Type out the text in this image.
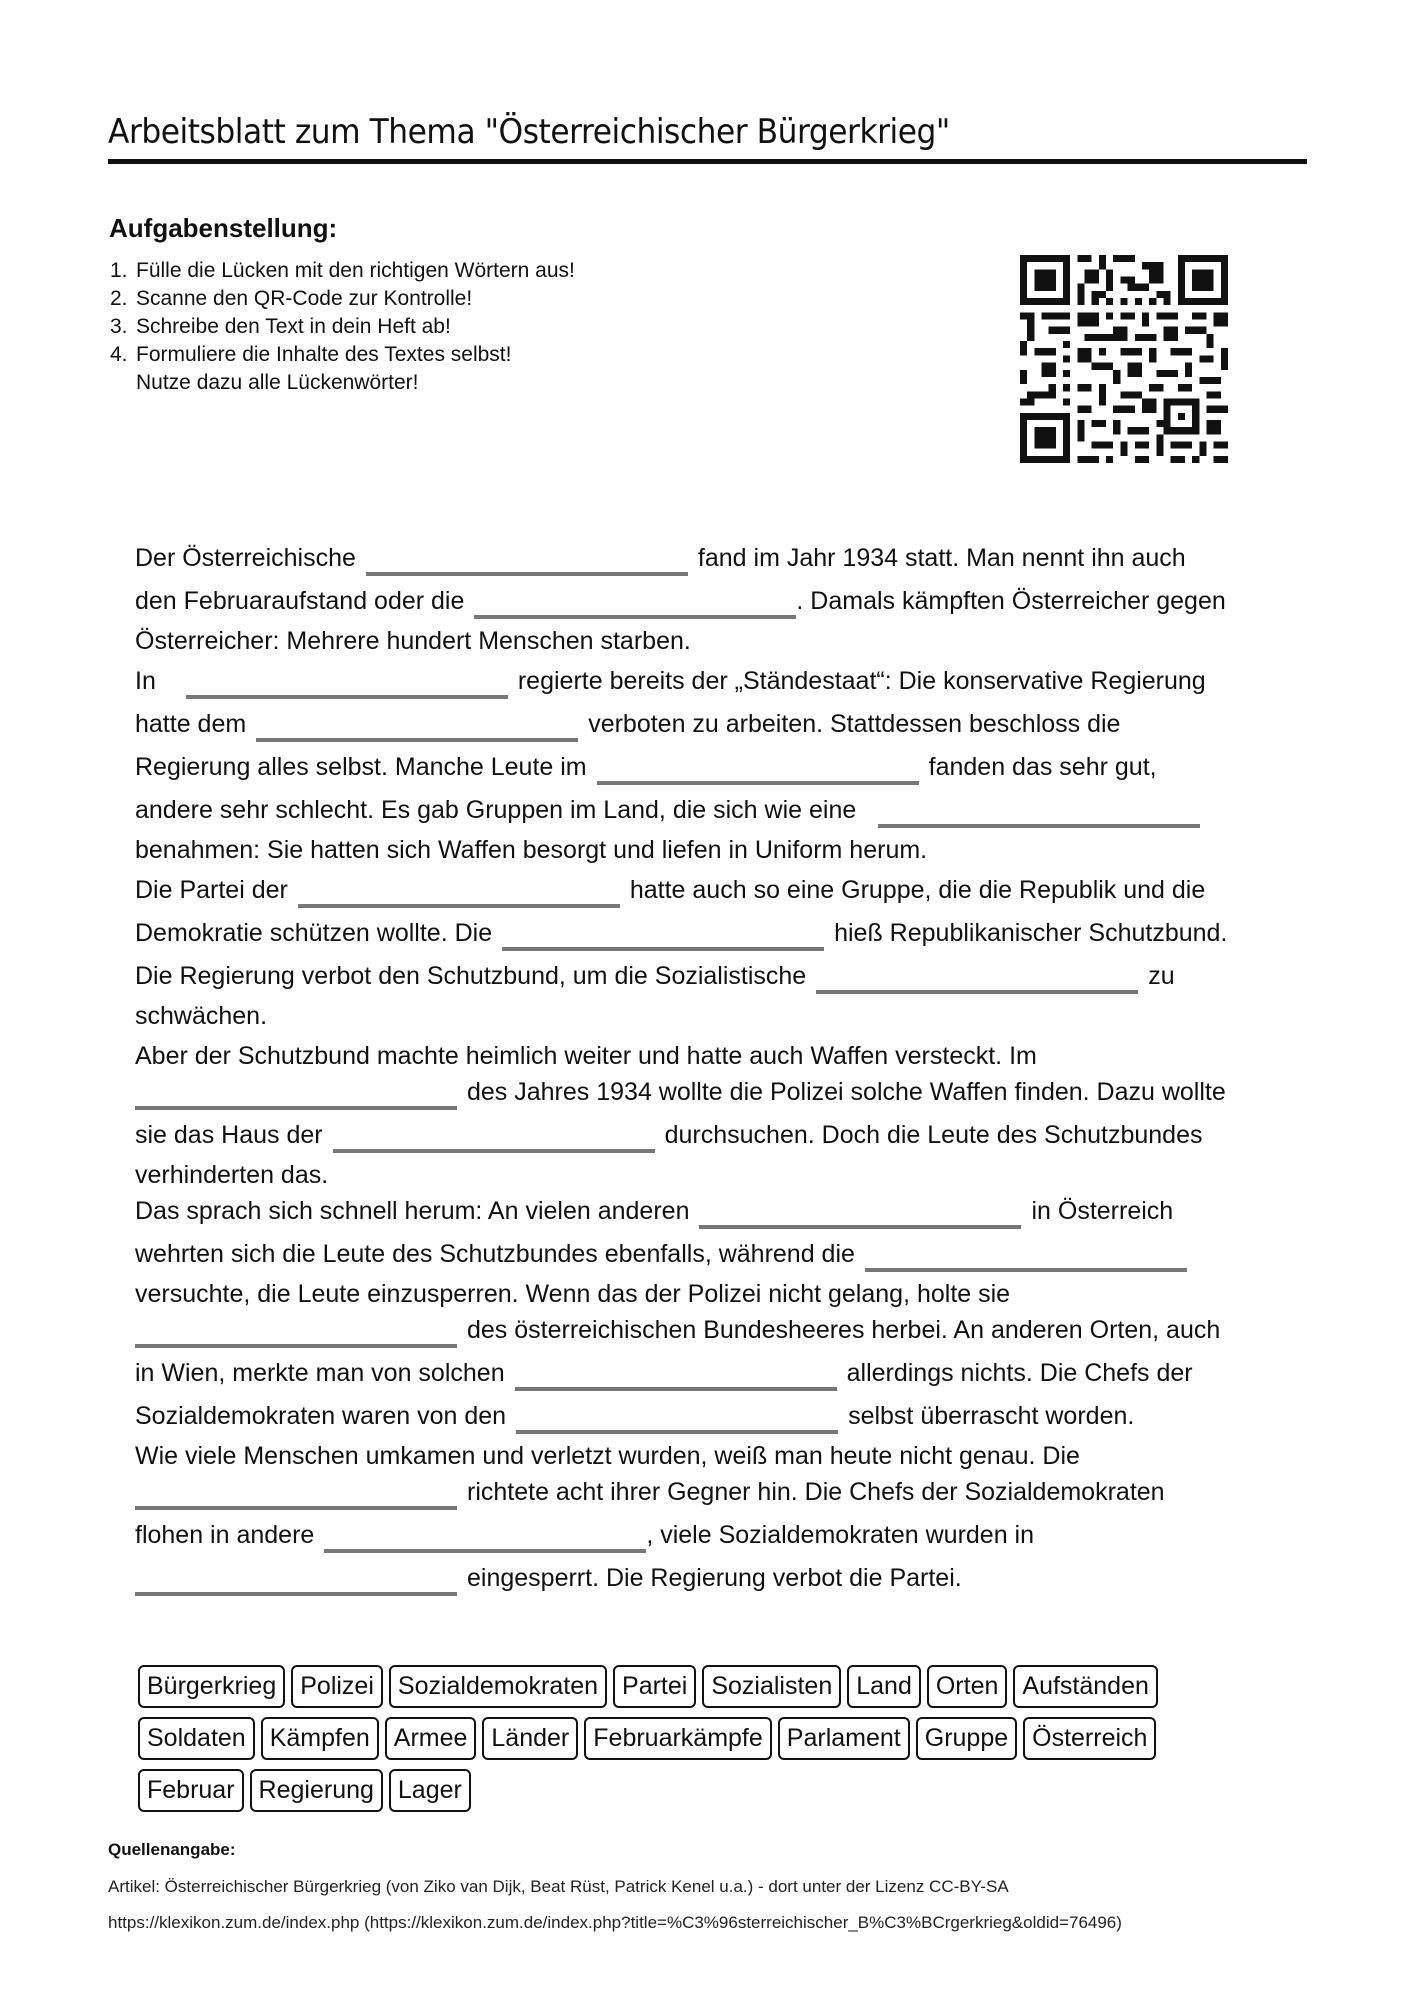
Arbeitsblatt zum Thema "Österreichischer Bürgerkrieg"
Aufgabenstellung:
1. Fülle die Lücken mit den richtigen Wörtern aus!
2. Scanne den QR-Code zur Kontrolle!
3. Schreibe den Text in dein Heft ab!
4. Formuliere die Inhalte des Textes selbst!
Nutze dazu alle Lückenwörter!
Der Österreichische	fand im Jahr 1934 statt. Man nennt ihn auch
den Februaraufstand oder die	. Damals kämpften Österreicher gegen
Österreicher: Mehrere hundert Menschen starben.
In	regierte bereits der „Ständestaat“: Die konservative Regierung
hatte dem	verboten zu arbeiten. Stattdessen beschloss die
Regierung alles selbst. Manche Leute im	fanden das sehr gut,
andere sehr schlecht. Es gab Gruppen im Land, die sich wie eine
benahmen: Sie hatten sich Waffen besorgt und liefen in Uniform herum.
Die Partei der	hatte auch so eine Gruppe, die die Republik und die
Demokratie schützen wollte. Die	hieß Republikanischer Schutzbund.
Die Regierung verbot den Schutzbund, um die Sozialistische	zu
schwächen.
Aber der Schutzbund machte heimlich weiter und hatte auch Waffen versteckt. Im
des Jahres 1934 wollte die Polizei solche Waffen finden. Dazu wollte
sie das Haus der	durchsuchen. Doch die Leute des Schutzbundes
verhinderten das.
Das sprach sich schnell herum: An vielen anderen	in Österreich
wehrten sich die Leute des Schutzbundes ebenfalls, während die
versuchte, die Leute einzusperren. Wenn das der Polizei nicht gelang, holte sie
des österreichischen Bundesheeres herbei. An anderen Orten, auch
in Wien, merkte man von solchen	allerdings nichts. Die Chefs der
Sozialdemokraten waren von den	selbst überrascht worden.
Wie viele Menschen umkamen und verletzt wurden, weiß man heute nicht genau. Die
richtete acht ihrer Gegner hin. Die Chefs der Sozialdemokraten
flohen in andere	, viele Sozialdemokraten wurden in
eingesperrt. Die Regierung verbot die Partei.
Bürgerkrieg Polizei Sozialdemokraten Partei Sozialisten Land Orten Aufständen
Soldaten Kämpfen Armee Länder Februarkämpfe Parlament Gruppe Österreich
Februar Regierung Lager
Quellenangabe:
Artikel: Österreichischer Bürgerkrieg (von Ziko van Dijk, Beat Rüst, Patrick Kenel u.a.) - dort unter der Lizenz CC-BY-SA
https://klexikon.zum.de/index.php (https://klexikon.zum.de/index.php?title=%C3%96sterreichischer_B%C3%BCrgerkrieg&oldid=76496)
